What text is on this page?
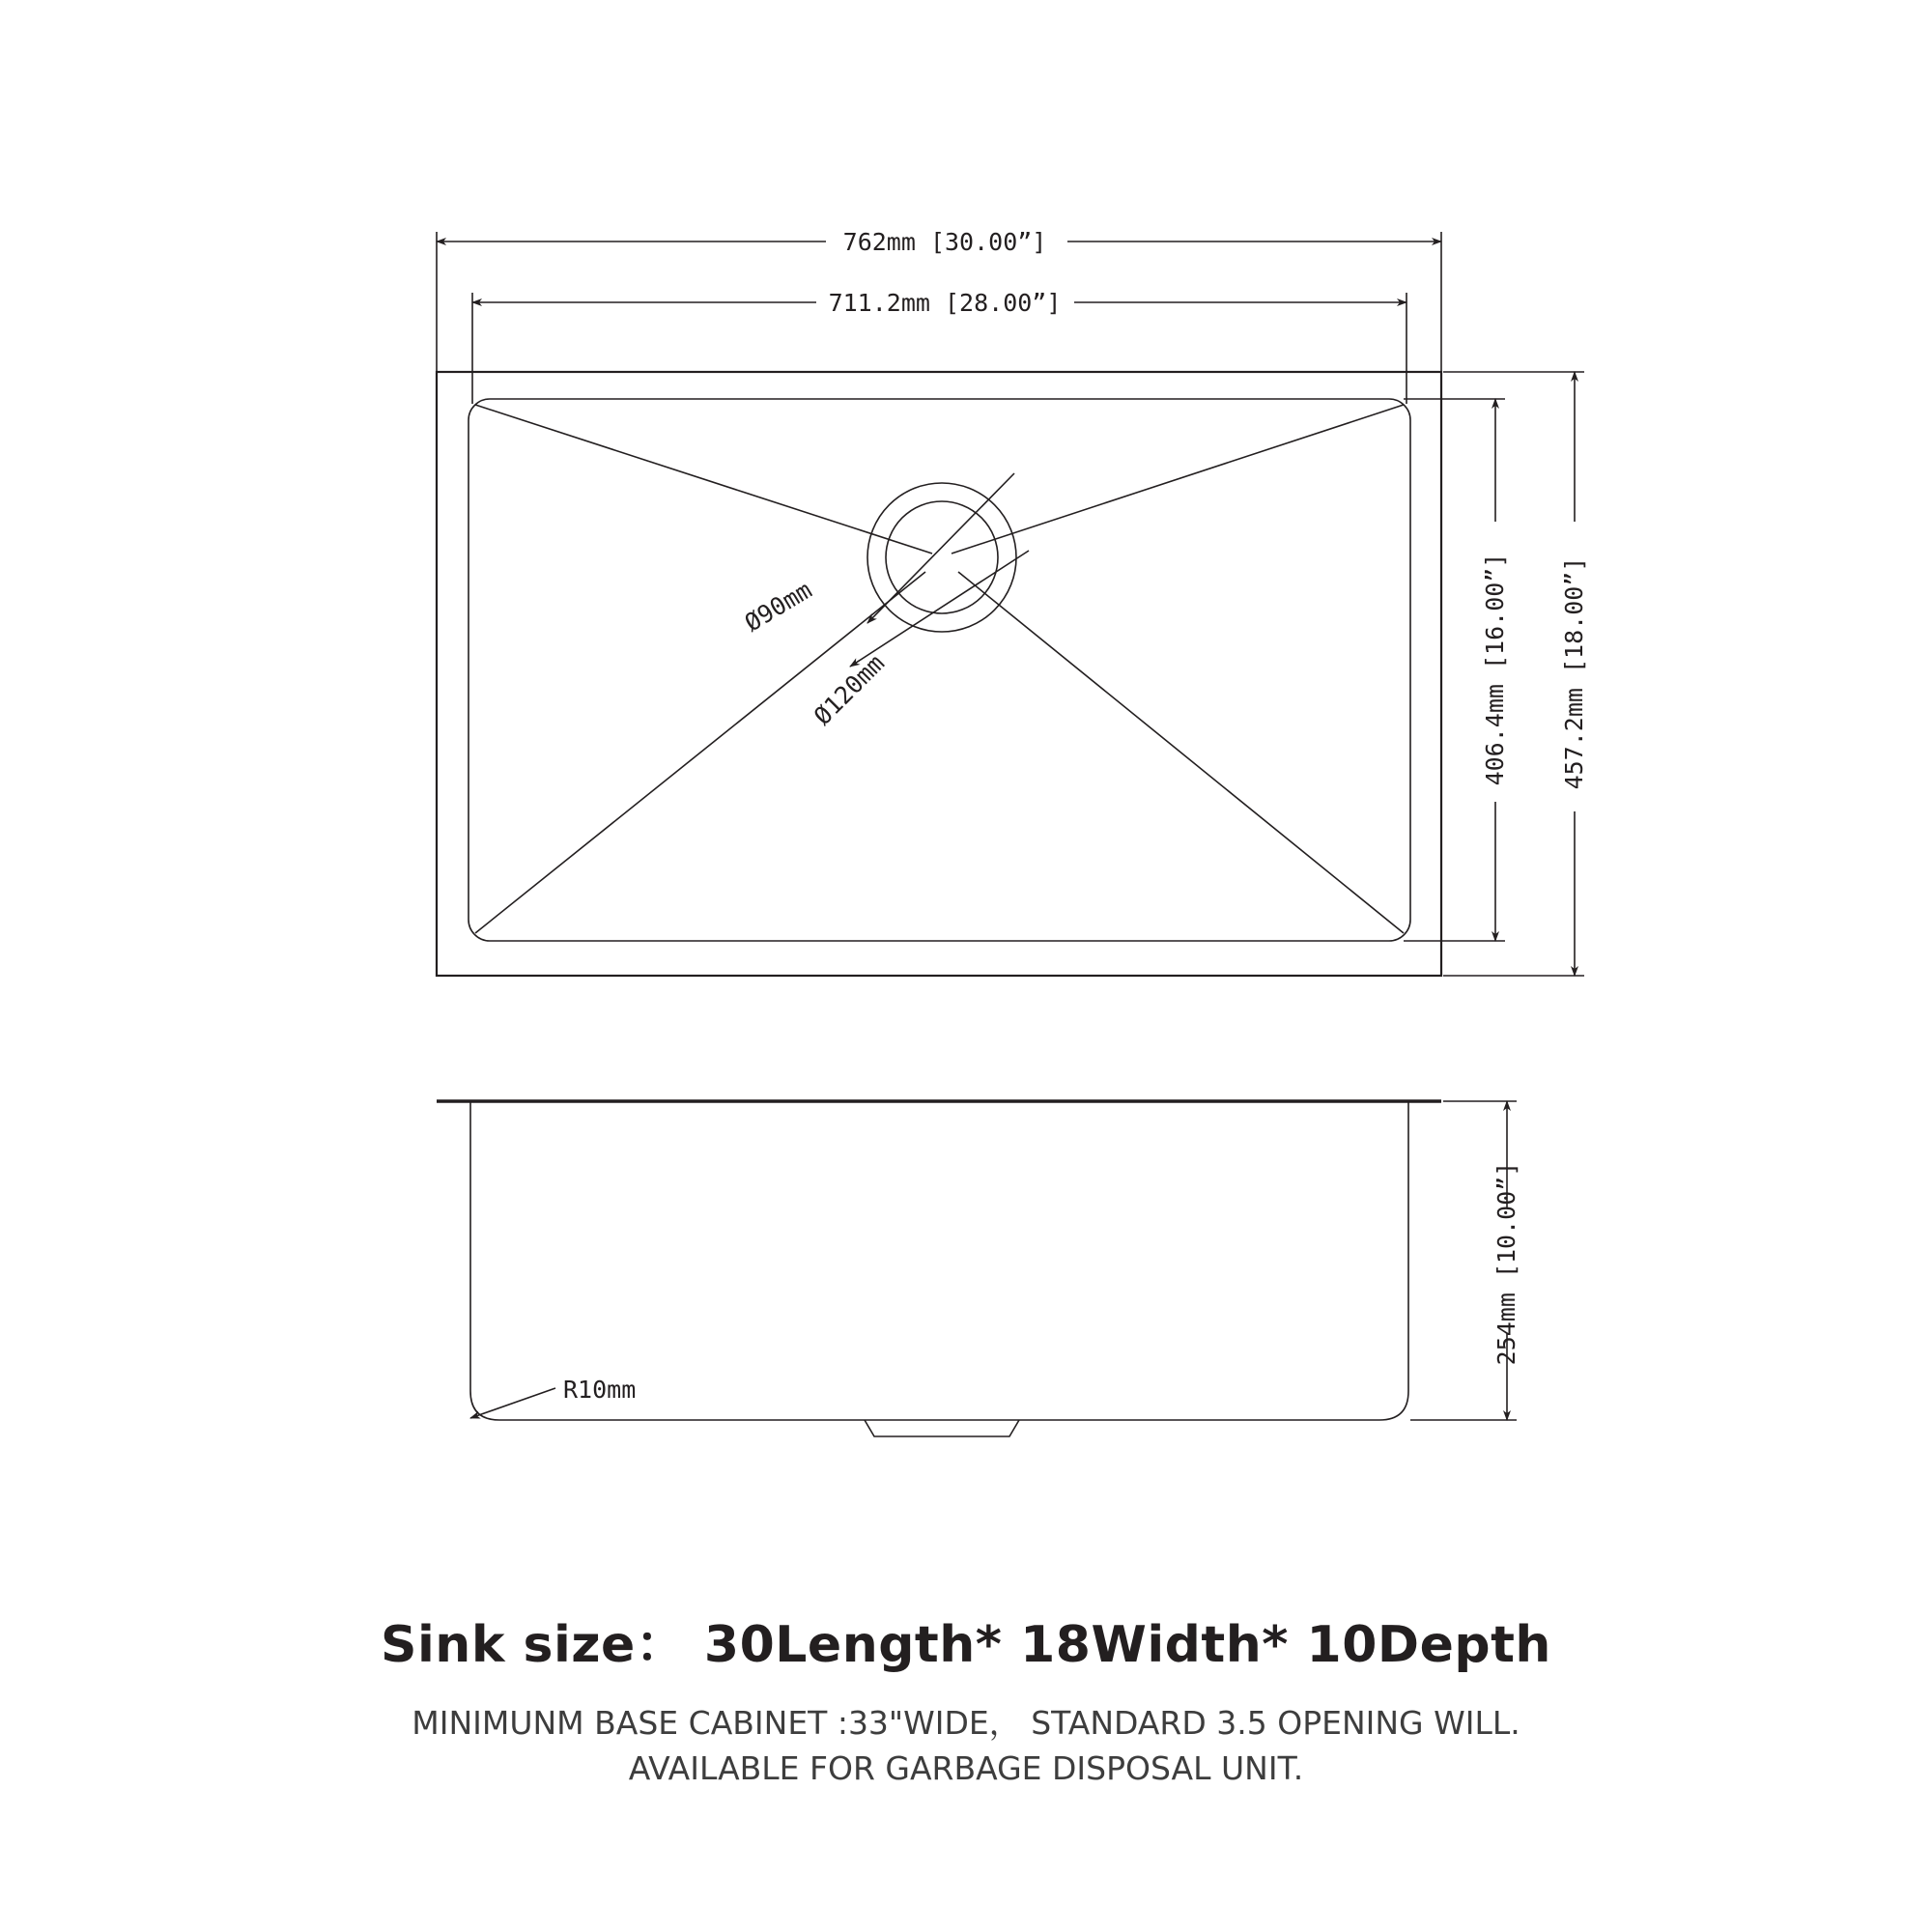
Ø90mm
Ø120mm
762mm [30.00”]
711.2mm [28.00”]
406.4mm [16.00”] 457.2mm [18.00”]
R10mm
254mm [10.00”]

Sink size： 30Length* 18Width* 10Depth

MINIMUNM BASE CABINET :33"WIDE， STANDARD 3.5 OPENING WILL.

AVAILABLE FOR GARBAGE DISPOSAL UNIT.
